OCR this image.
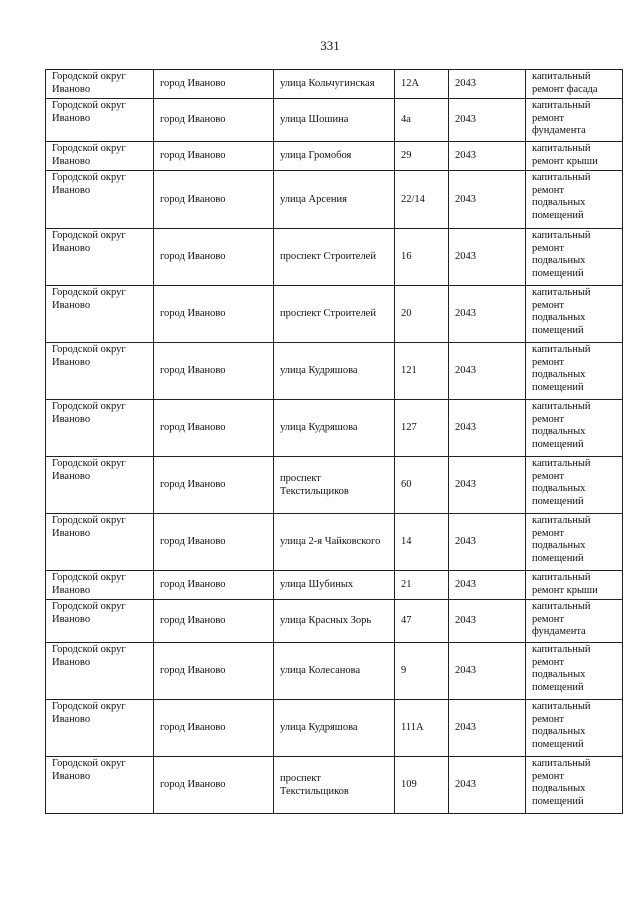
331
Городской округ Иваново	город Иваново	улица Кольчугинская	12А	2043	капитальный ремонт фасада
Городской округ Иваново	город Иваново	улица Шошина	4а	2043	капитальный ремонт фундамента
Городской округ Иваново	город Иваново	улица Громобоя	29	2043	капитальный ремонт крыши
Городской округ Иваново	город Иваново	улица Арсения	22/14	2043	капитальный ремонт подвальных помещений
Городской округ Иваново	город Иваново	проспект Строителей	16	2043	капитальный ремонт подвальных помещений
Городской округ Иваново	город Иваново	проспект Строителей	20	2043	капитальный ремонт подвальных помещений
Городской округ Иваново	город Иваново	улица Кудряшова	121	2043	капитальный ремонт подвальных помещений
Городской округ Иваново	город Иваново	улица Кудряшова	127	2043	капитальный ремонт подвальных помещений
Городской округ Иваново	город Иваново	проспект Текстильщиков	60	2043	капитальный ремонт подвальных помещений
Городской округ Иваново	город Иваново	улица 2-я Чайковского	14	2043	капитальный ремонт подвальных помещений
Городской округ Иваново	город Иваново	улица Шубиных	21	2043	капитальный ремонт крыши
Городской округ Иваново	город Иваново	улица Красных Зорь	47	2043	капитальный ремонт фундамента
Городской округ Иваново	город Иваново	улица Колесанова	9	2043	капитальный ремонт подвальных помещений
Городской округ Иваново	город Иваново	улица Кудряшова	111А	2043	капитальный ремонт подвальных помещений
Городской округ Иваново	город Иваново	проспект Текстильщиков	109	2043	капитальный ремонт подвальных помещений
